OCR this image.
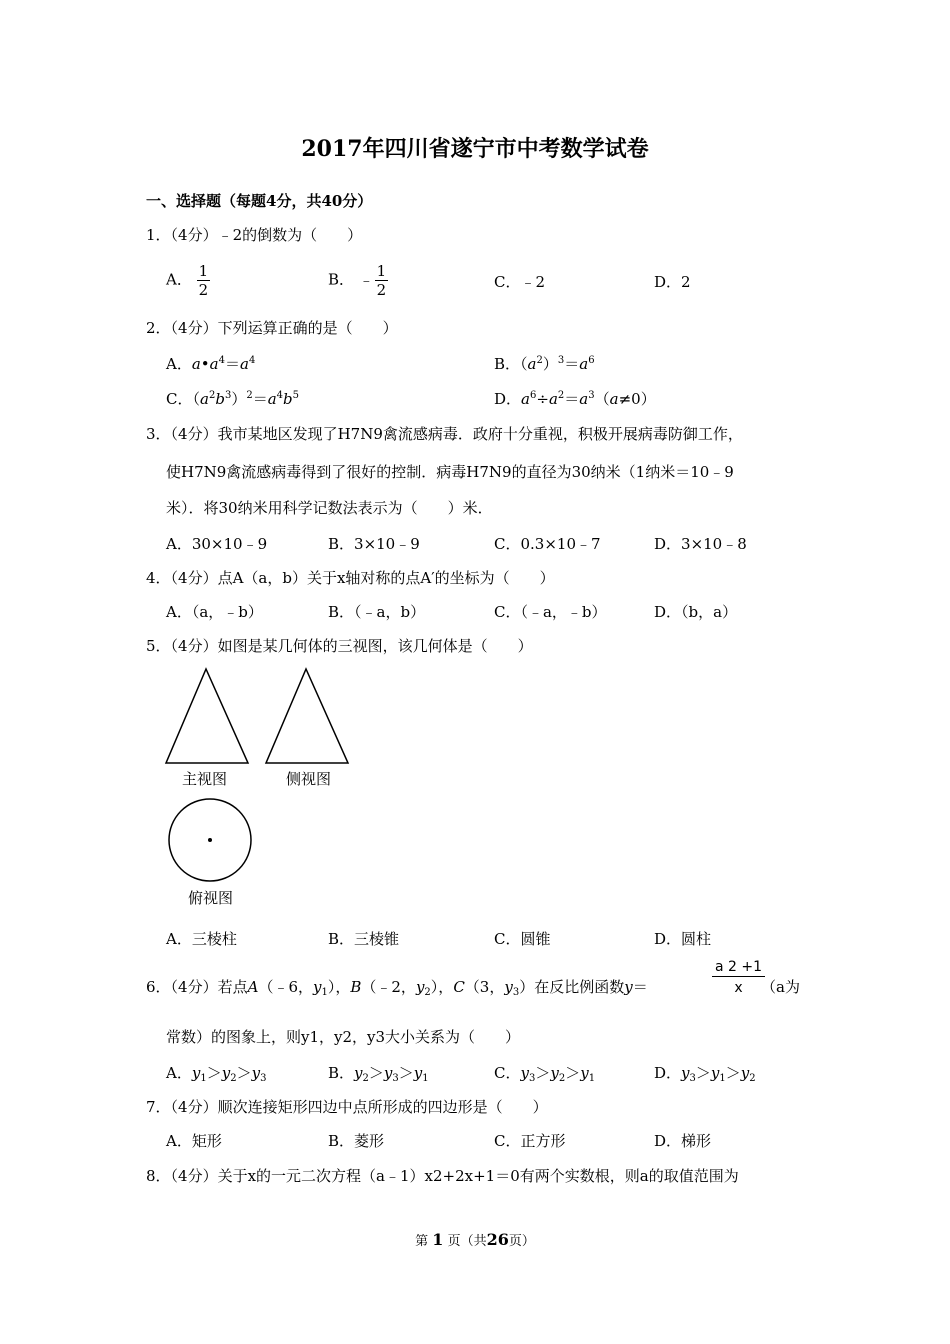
2017年四川省遂宁市中考数学试卷
一、选择题（每题4分，共40分）
1．（4分）﹣2的倒数为（　　）
A． $\frac{1}{2}$	B． ﹣ $\frac{1}{2}$	C．﹣2	D．2
2．（4分）下列运算正确的是（　　）
A．$a•a^4=a^4$	B．$(a^2)^3=a^6$
C．$(a^2b^3)^2=a^4b^5$	D．$a^6\div a^2=a^3(a\ne 0)$
3．（4分）我市某地区发现了H7N9禽流感病毒．政府十分重视，积极开展病毒防御工作，
使H7N9禽流感病毒得到了很好的控制．病毒H7N9的直径为30纳米（1纳米＝10﹣9
米）．将30纳米用科学记数法表示为（　　）米．
A．30×10﹣9	B．3×10﹣9	C．0.3×10﹣7	D．3×10﹣8
4．（4分）点A（a，b）关于x轴对称的点A′的坐标为（　　）
A．（a，﹣b）	B．（﹣a，b）	C．（﹣a，﹣b）	D．（b，a）
5．（4分）如图是某几何体的三视图，该几何体是（　　）
主视图	侧视图
俯视图
A．三棱柱	B．三棱锥	C．圆锥	D．圆柱
6．（4分）若点A（﹣6，$y_1$），B（﹣2，$y_2$），C（3，$y_3$）在反比例函数y＝	$\frac{a 2 +1}{x}$
（a为
常数）的图象上，则y1，y2，y3大小关系为（　　）
A．$y_1>y_2>y_3$	B．$y_2>y_3>y_1$	C．$y_3>y_2>y_1$	D．$y_3>y_1>y_2$
7．（4分）顺次连接矩形四边中点所形成的四边形是（　　）
A．矩形	B．菱形	C．正方形	D．梯形
8．（4分）关于x的一元二次方程（a﹣1）x2+2x+1＝0有两个实数根，则a的取值范围为
第 1 页（共26页）
